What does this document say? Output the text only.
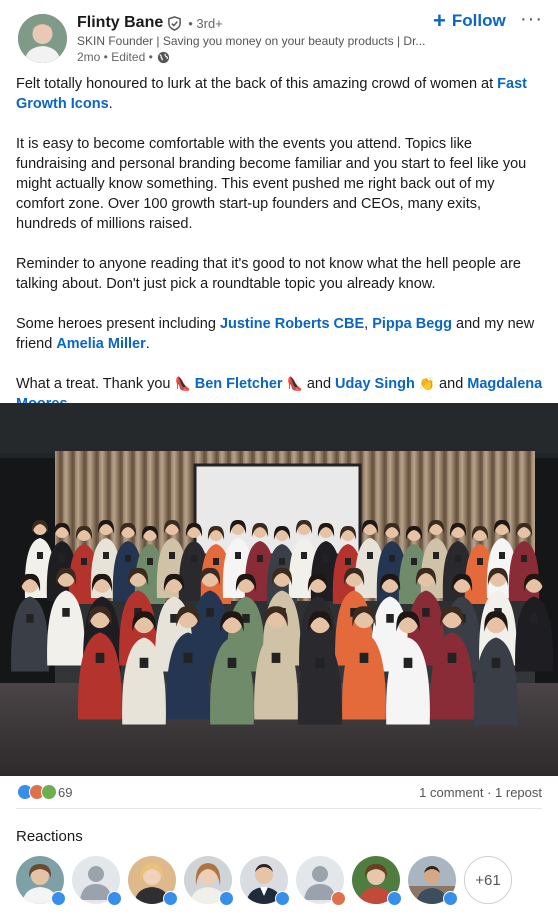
Flinty Bane • 3rd+
SKIN Founder | Saving you money on your beauty products | Dr...
2mo • Edited •
+ Follow ···

Felt totally honoured to lurk at the back of this amazing crowd of women at Fast Growth Icons.

It is easy to become comfortable with the events you attend. Topics like fundraising and personal branding become familiar and you start to feel like you might actually know something. This event pushed me right back out of my comfort zone. Over 100 growth start-up founders and CEOs, many exits, hundreds of millions raised.

Reminder to anyone reading that it's good to not know what the hell people are talking about. Don't just pick a roundtable topic you already know.

Some heroes present including Justine Roberts CBE, Pippa Begg and my new friend Amelia Miller.

What a treat. Thank you 👠 Ben Fletcher 👠 and Uday Singh 👏 and Magdalena

69	1 comment · 1 repost
Reactions
+61
